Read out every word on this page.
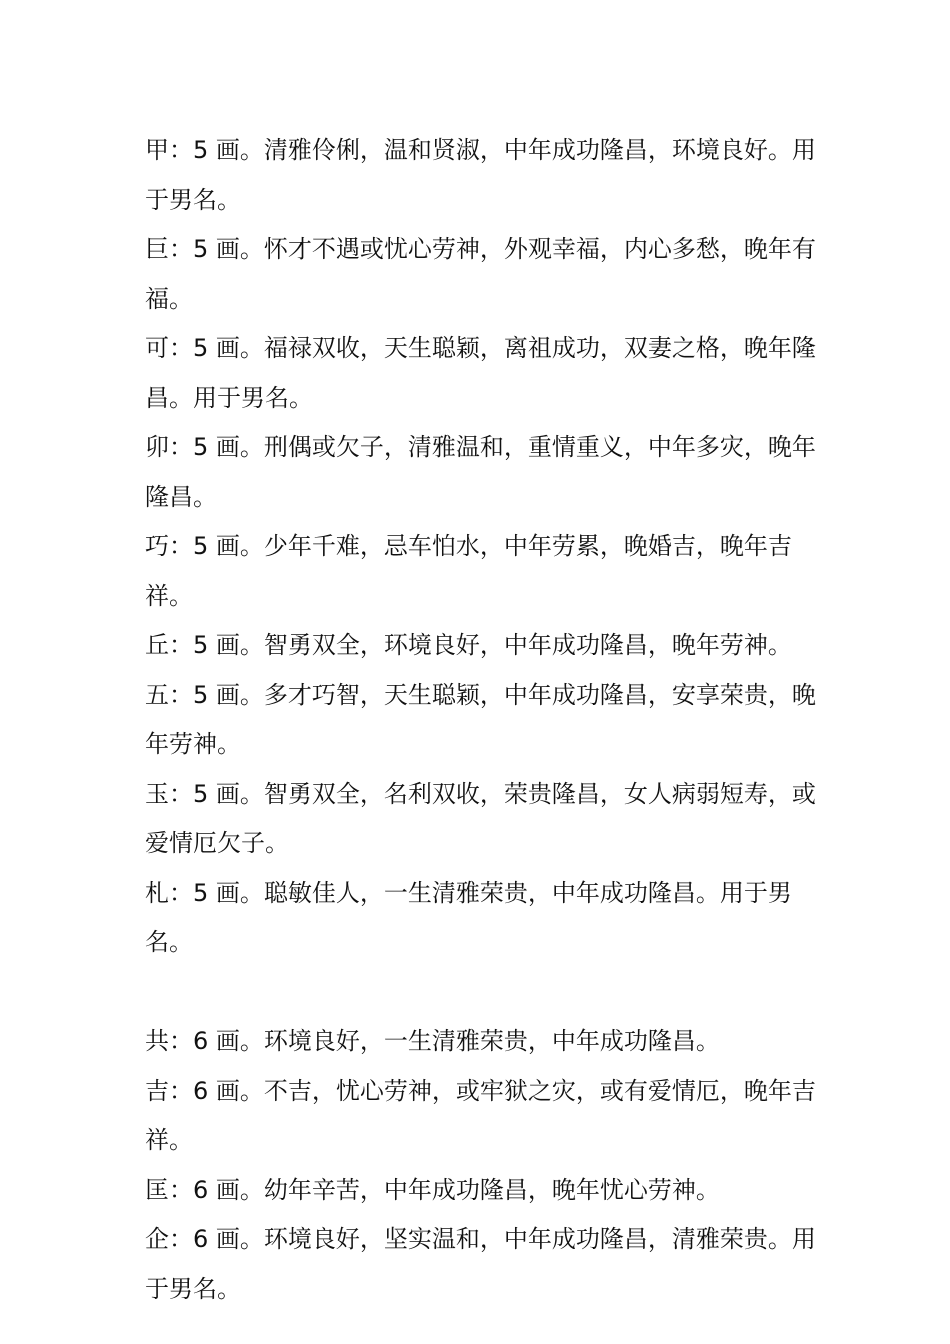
甲：5 画。清雅伶俐，温和贤淑，中年成功隆昌，环境良好。用于男名。

巨：5 画。怀才不遇或忧心劳神，外观幸福，内心多愁，晚年有福。

可：5 画。福禄双收，天生聪颖，离祖成功，双妻之格，晚年隆昌。用于男名。

卯：5 画。刑偶或欠子，清雅温和，重情重义，中年多灾，晚年隆昌。

巧：5 画。少年千难，忌车怕水，中年劳累，晚婚吉，晚年吉祥。

丘：5 画。智勇双全，环境良好，中年成功隆昌，晚年劳神。

五：5 画。多才巧智，天生聪颖，中年成功隆昌，安享荣贵，晚年劳神。

玉：5 画。智勇双全，名利双收，荣贵隆昌，女人病弱短寿，或爱情厄欠子。

札：5 画。聪敏佳人，一生清雅荣贵，中年成功隆昌。用于男名。

共：6 画。环境良好，一生清雅荣贵，中年成功隆昌。

吉：6 画。不吉，忧心劳神，或牢狱之灾，或有爱情厄，晚年吉祥。

匡：6 画。幼年辛苦，中年成功隆昌，晚年忧心劳神。

企：6 画。环境良好，坚实温和，中年成功隆昌，清雅荣贵。用于男名。
